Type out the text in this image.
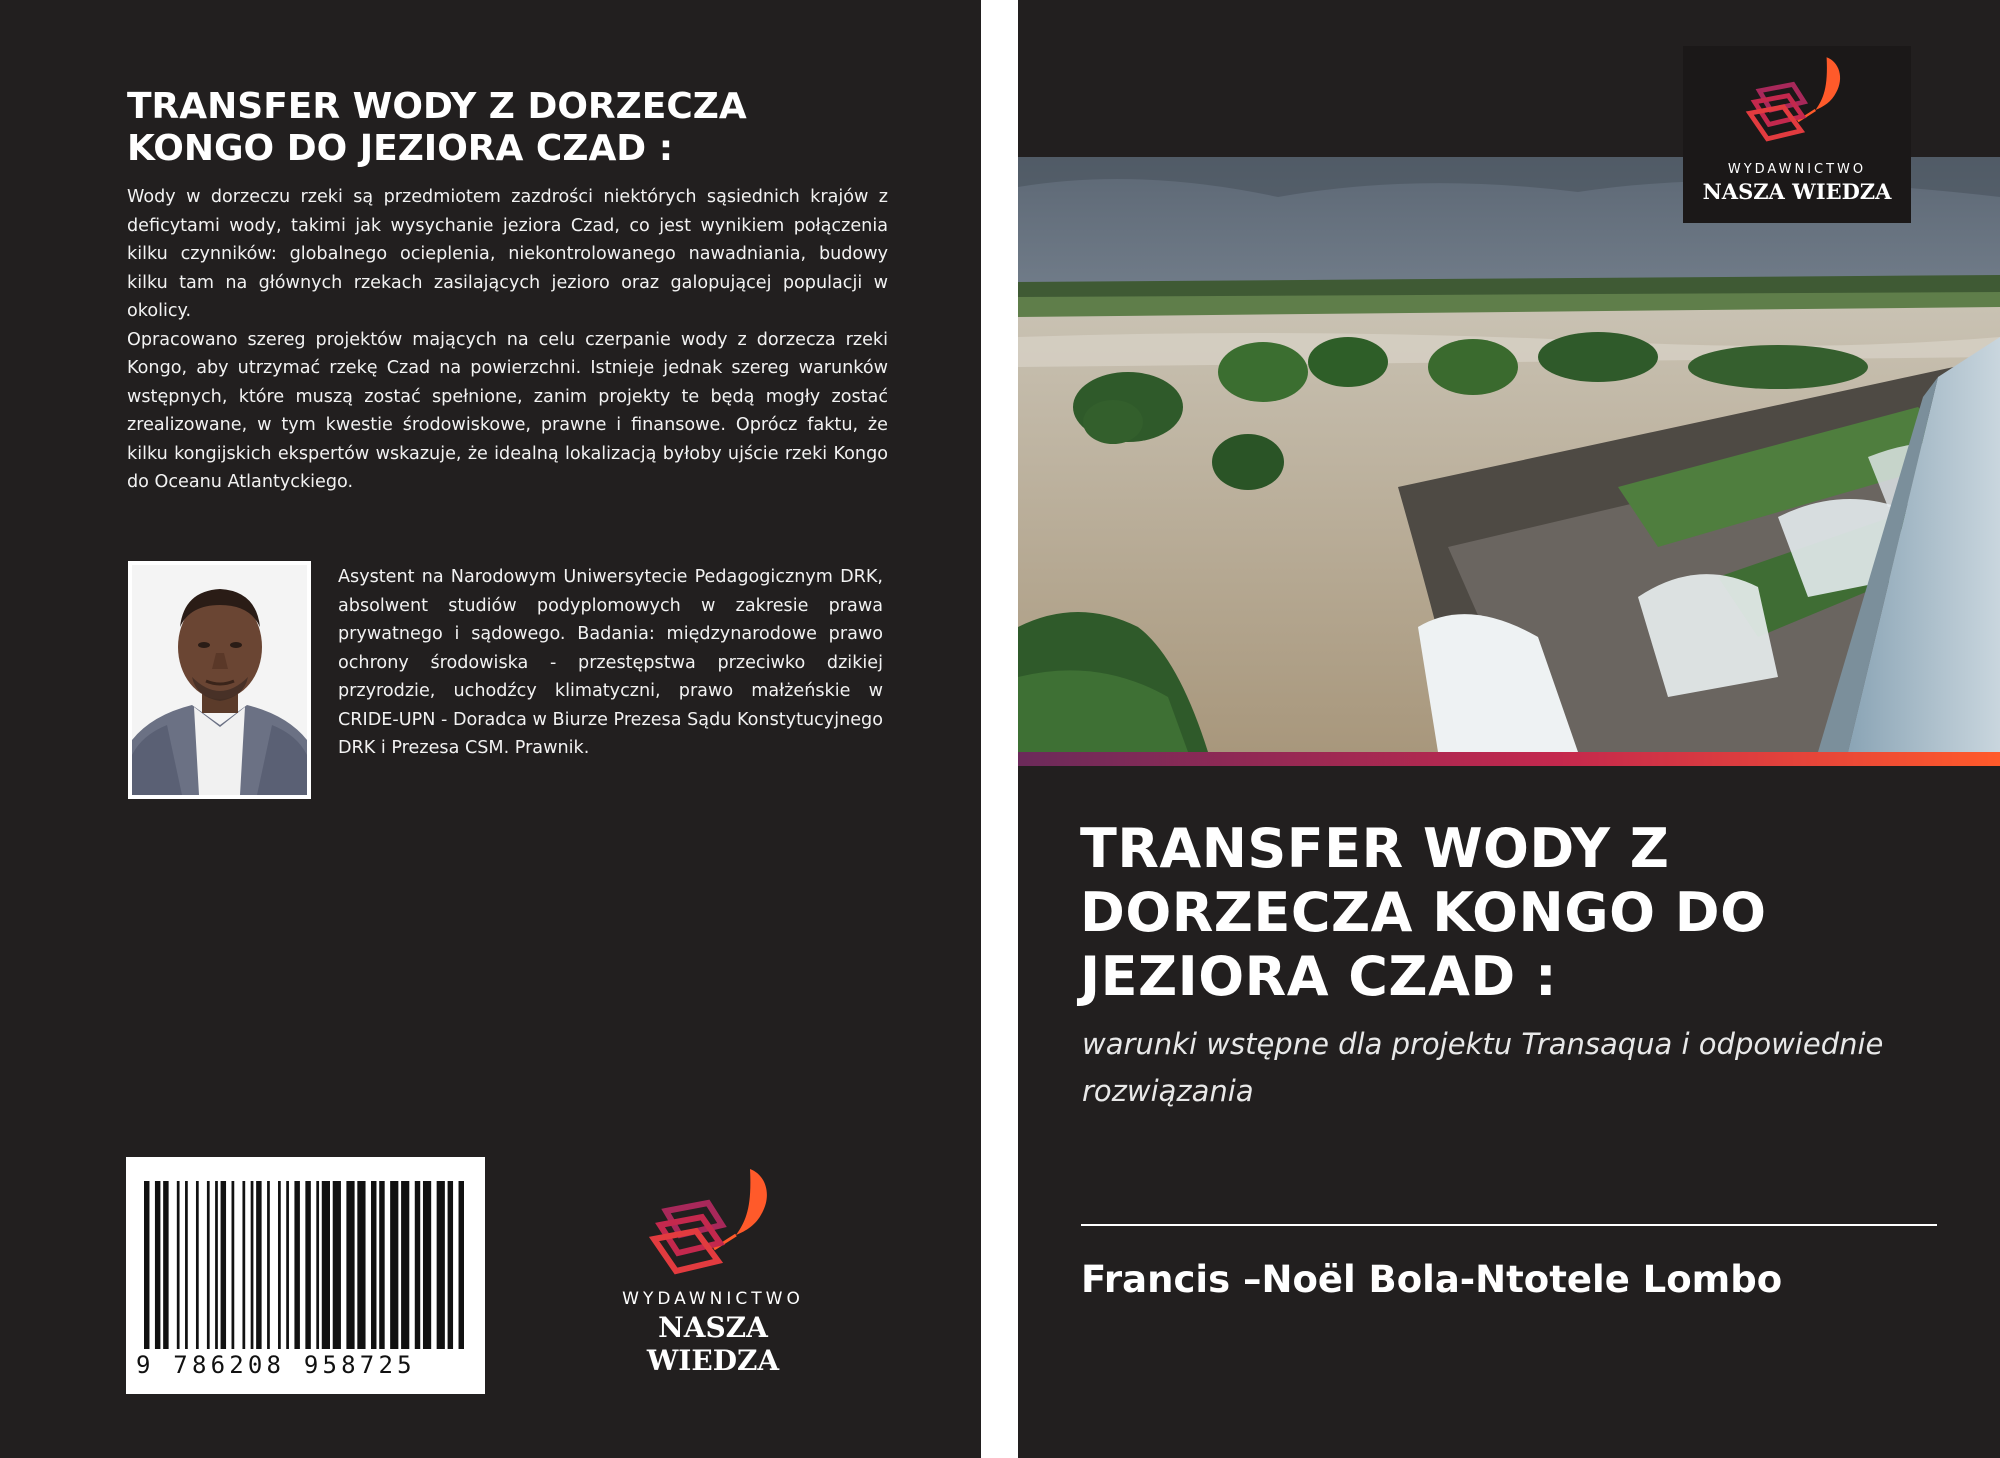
TRANSFER WODY Z DORZECZA KONGO DO JEZIORA CZAD :

Wody w dorzeczu rzeki są przedmiotem zazdrości niektórych sąsiednich krajów z deficytami wody, takimi jak wysychanie jeziora Czad, co jest wynikiem połączenia kilku czynników: globalnego ocieplenia, niekontrolowanego nawadniania, budowy kilku tam na głównych rzekach zasilających jezioro oraz galopującej populacji w okolicy.

Opracowano szereg projektów mających na celu czerpanie wody z dorzecza rzeki Kongo, aby utrzymać rzekę Czad na powierzchni. Istnieje jednak szereg warunków wstępnych, które muszą zostać spełnione, zanim projekty te będą mogły zostać zrealizowane, w tym kwestie środowiskowe, prawne i finansowe. Oprócz faktu, że kilku kongijskich ekspertów wskazuje, że idealną lokalizacją byłoby ujście rzeki Kongo do Oceanu Atlantyckiego.

Asystent na Narodowym Uniwersytecie Pedagogicznym DRK, absolwent studiów podyplomowych w zakresie prawa prywatnego i sądowego. Badania: międzynarodowe prawo ochrony środowiska - przestępstwa przeciwko dzikiej przyrodzie, uchodźcy klimatyczni, prawo małżeńskie w CRIDE-UPN - Doradca w Biurze Prezesa Sądu Konstytucyjnego DRK i Prezesa CSM. Prawnik.

9 786208 958725
WYDAWNICTWO
NASZA WIEDZA
WYDAWNICTWO
NASZA WIEDZA
TRANSFER WODY Z DORZECZA KONGO DO JEZIORA CZAD :

warunki wstępne dla projektu Transaqua i odpowiednie rozwiązania

Francis –Noël Bola-Ntotele Lombo
